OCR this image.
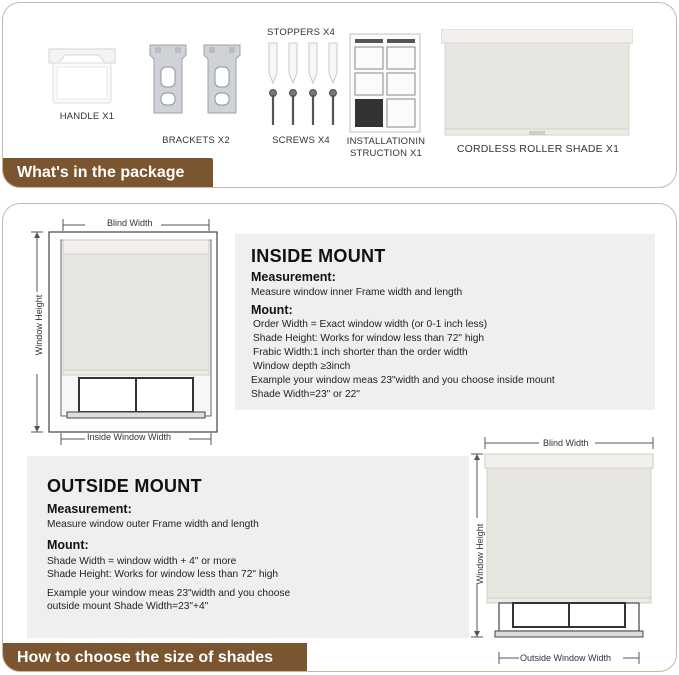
HANDLE X1
BRACKETS X2
STOPPERS X4
SCREWS X4	INSTALLATIONIN
STRUCTION X1	CORDLESS ROLLER SHADE X1
What's in the package
Blind Width
Window Height
Inside Window Width
INSIDE MOUNT
Measurement:
Measure window inner Frame width and length
Mount:
Order Width = Exact window width (or 0-1 inch less)
Shade Height: Works for window less than 72" high
Frabic Width:1 inch shorter than the order width
Window depth ≥3inch
Example your window meas 23"width and you choose inside mount
Shade Width=23" or 22"
OUTSIDE MOUNT
Measurement:
Measure window outer Frame width and length
Mount:
Shade Width = window width + 4" or more
Shade Height: Works for window less than 72" high
Example your window meas 23"width and you choose
outside mount Shade Width=23"+4"
Blind Width
Window Height
Outside Window Width
How to choose the size of shades
